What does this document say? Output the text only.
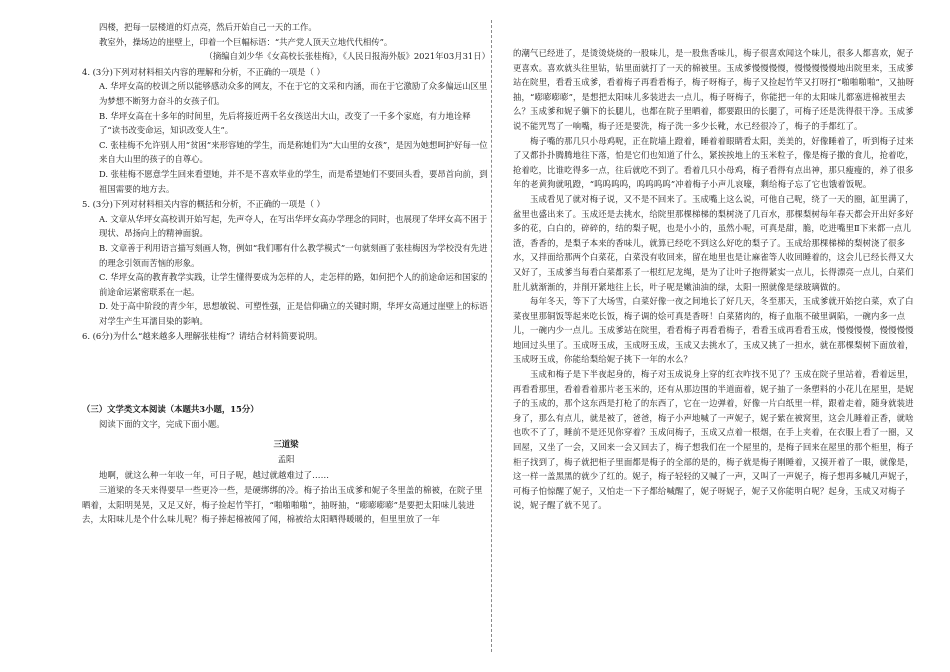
四楼，把每一层楼道的灯点亮，然后开始自己一天的工作。

教室外，操场边的崖壁上，印着一个巨幅标语：“共产党人顶天立地代代相传”。

（摘编自刘少华《女高校长张桂梅》，《人民日报海外版》2021年03月31日）

4. (3分)下列对材料相关内容的理解和分析，不正确的一项是（ ）

A. 华坪女高的校训之所以能够感动众多的网友，不在于它的文采和内涵，而在于它激励了众多偏远山区里为梦想不断努力奋斗的女孩子们。

B. 华坪女高在十多年的时间里，先后将接近两千名女孩送出大山，改变了一千多个家庭，有力地诠释了“读书改变命运，知识改变人生”。

C. 张桂梅不允许别人用“贫困”来形容她的学生，而是称她们为“大山里的女孩”，是因为她想呵护好每一位来自大山里的孩子的自尊心。

D. 张桂梅不愿意学生回来看望她，并不是不喜欢毕业的学生，而是希望她们不要回头看，要昂首向前，到祖国需要的地方去。

5. (3分)下列对材料相关内容的概括和分析，不正确的一项是（ ）

A. 文章从华坪女高校训开始写起，先声夺人，在写出华坪女高办学理念的同时，也展现了华坪女高不困于现状、昂扬向上的精神面貌。

B. 文章善于利用语言描写刻画人物，例如“我们哪有什么教学模式”一句就刻画了张桂梅因为学校没有先进的理念引领而苦恼的形象。

C. 华坪女高的教育教学实践，让学生懂得要成为怎样的人，走怎样的路，如何把个人的前途命运和国家的前途命运紧密联系在一起。

D. 处于高中阶段的青少年，思想敏锐、可塑性强，正是信仰确立的关键时期，华坪女高通过崖壁上的标语对学生产生耳濡目染的影响。

6. (6分)为什么“越来越多人理解张桂梅”？请结合材料简要说明。

（三）文学类文本阅读（本题共3小题，15分）

阅读下面的文字，完成下面小题。

三道梁

孟阳

地啊，就这么种一年收一年，可日子呢，越过就越难过了……

三道梁的冬天来得要早一些更冷一些，是硬绑绑的冷。梅子抬出玉成爹和妮子冬里盖的棉被，在院子里晒着，太阳明晃晃，又足又好，梅子捡起竹竿打，“啪啪啪啪”，抽呀抽，“嘭嘭嘭嘭”是要把太阳味儿装进去，太阳味儿是个什么味儿呢？梅子捧起棉被闻了闻，棉被给太阳晒得暖暖的，但里里放了一年

的潮气已经进了，是烫烫烧烧的一股味儿，是一股焦香味儿，梅子很喜欢闻这个味儿，很多人都喜欢，妮子更喜欢。喜欢就头往里钻，钻里面就打了一天的棉被里。玉成爹慢慢慢慢，慢慢慢慢慢地出院里来，玉成爹站在院里，看看玉成爹，看着梅子再看看梅子，梅子呀梅子，梅子又捡起竹竿又打呀打“啪啪啪啪”，又抽呀抽，“嘭嘭嘭嘭”，是想把太阳味儿多装进去一点儿，梅子呀梅子，你能把一年的太阳味儿都塞进棉被里去么？玉成爹和妮子躺下的长腿儿，也都在院子里晒着，都要跟田的长腿了，可梅子还是洗得很干净。玉成爹说不能咒骂了一响嘴，梅子还是要洗，梅子洗一多少长靴，水已经很冷了，梅子的手都红了。

梅子嘴的那几只小母鸡呢，正在院墙上蹬着，睡着着眼睛看太阳，美美的，好像睡着了，听到梅子过来了又都扑扑腾腾地往下落，怕是它们也知道了什么，紧挨挨地上的玉米粒子，像是梅子撒的食儿，抢着吃，抢着吃，比谁吃得多一点，往后就吃不到了。看着几只小母鸡，梅子看得有点出神，那只瘦瘦的，养了很多年的老黄狗就吼蹬，“呜呜呜呜，呜呜呜呜”冲着梅子小声儿哀嚎，剩给梅子忘了它也饿着饭呢。

玉成看见了就对梅子说，又不是不回来了。玉成嘴上这么说，可他自己呢，绕了一天的圈，缸里满了，盆里也盛出来了。玉成还是去挑水，给院里那棵梯梯的梨树浇了几百水，那棵梨树每年春天都会开出好多好多的花，白白的，碎碎的，结的梨子呢，也是小小的，虽然小呢，可真是甜，脆，吃进嘴里Ⅱ下来都一点儿渣，香香的，是梨子本来的香味儿，就算已经吃不到这么好吃的梨子了。玉成给那棵梯梯的梨树浇了很多水，又拌面给那两个白菜花，白菜没有收回来，留在地里也是让麻雀等人收回睡着的，这会儿已经长得又大又好了，玉成爹当每看白菜都系了一根红尼龙绳，是为了让叶子抱得紧实一点儿，长得漂亮一点儿，白菜们肚儿就渐渐的，并削开紧地往上长，叶子呢是嫩油油的绿，太阳一照就像是绿玻璃做的。

每年冬天，等下了大场雪，白菜好像一夜之间地长了好几天，冬至那天，玉成爹就开始挖白菜，欢了白菜夜里那铜饭等起来吃长饭，梅子调的烩可真是香呀！白菜猪肉的，梅子血瓶不破里调陷，一碗内多一点儿，一碗内少一点儿。玉成爹站在院里，看看梅子再看看梅子，看看玉成再看看玉成，慢慢慢慢，慢慢慢慢地回过头里了。玉成呀玉成，玉成呀玉成，玉成又去挑水了，玉成又挑了一担水，就在那棵梨树下面放着，玉成呀玉成，你能给梨给妮子挑下一年的水么？

玉成和梅子是下半夜起身的，梅子对玉成说身上穿的红衣咋找不见了？玉成在院子里站着，看着远里，再看看那里，看着看着那片老玉米的，还有从那边围的半道面着，妮子抽了一条塑料的小花儿在屋里，是妮子的玉成的，那个这东西是打枪了的东西了，它在一边弹着，好像一片白纸里一样，跟着走着，随身就装进身了，那么有点儿，就是被了，爸爸，梅子小声地喊了一声妮子，妮子紫在被窝里，这会儿睡着正香，就啥也吹不了了，睡前不是还见你穿着？玉成问梅子，玉成又点着一根烟，在手上夹着，在衣服上看了一圈，又回屋，又坐了一会，又回来一会又回去了，梅子想我们在一个屋里的，是梅子回来在屋里的那个柜里，梅子柜子找到了，梅子就把柜子里面都是梅子的全部的是的，梅子就是梅子刚睡着，又摸开着了一眼，就像是，这一样一盖黑黑的就少了红的。妮子，梅子轻轻的又喊了一声，又叫了一声妮子，梅子想再多喊几声妮子，可梅子怕惊醒了妮子，又怕走一下子都给喊醒了，妮子呀妮子，妮子又你能明白呢？起身，玉成又对梅子说，妮子醒了就不见了。
